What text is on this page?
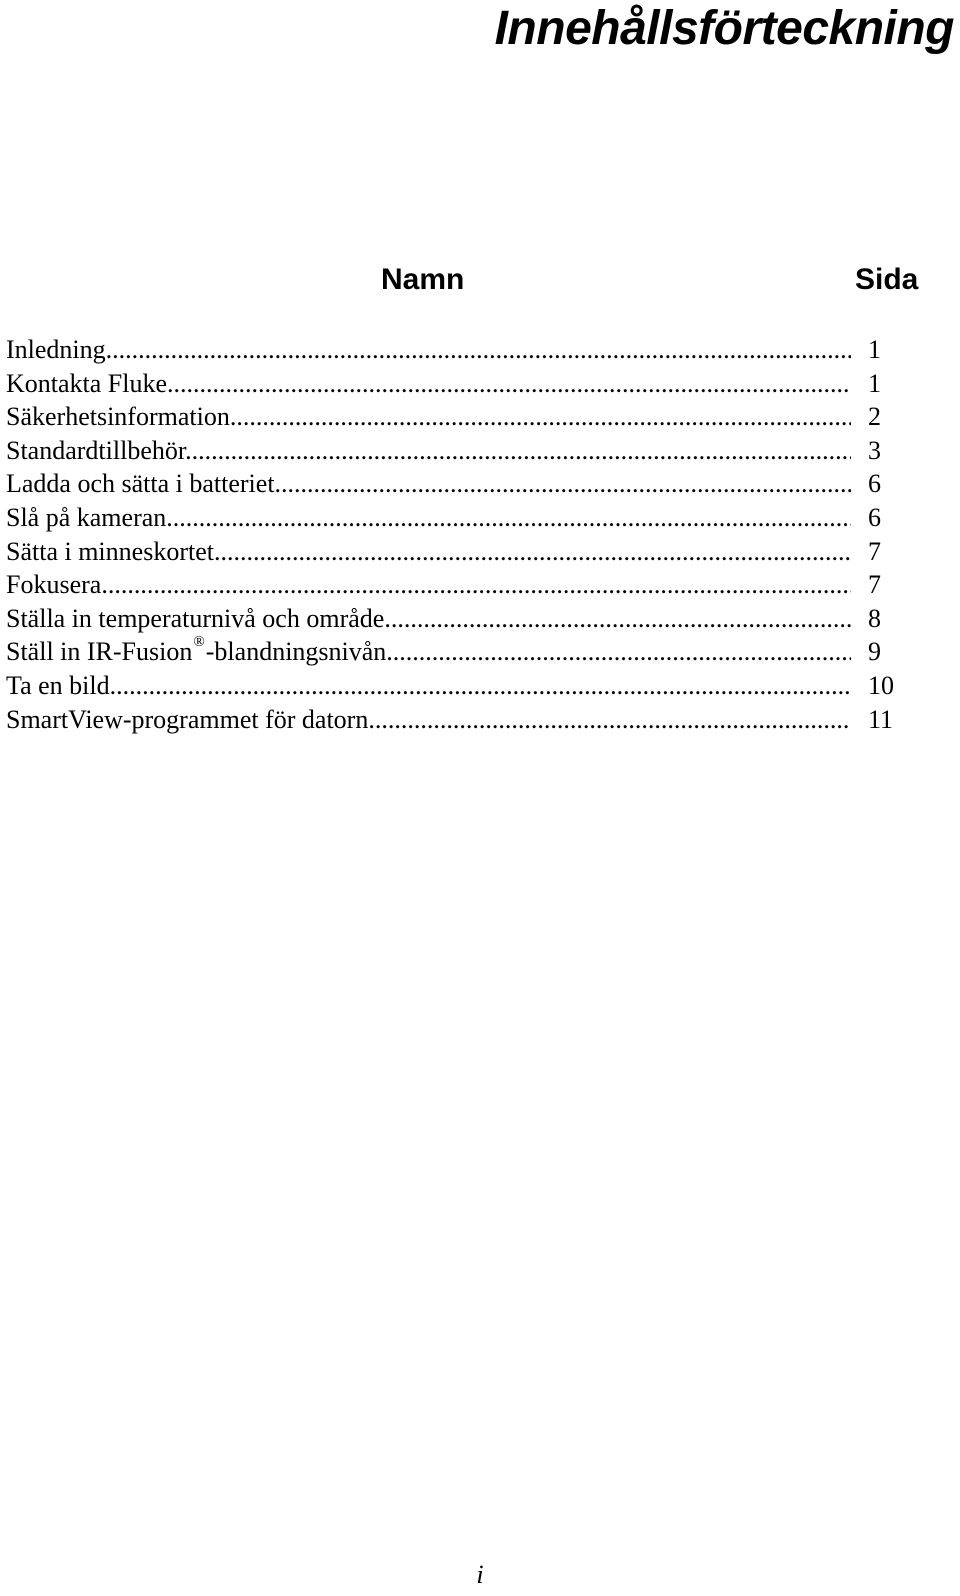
Innehållsförteckning
Namn	Sida
Inledning .....	1
Kontakta Fluke .....	1
Säkerhetsinformation .....	2
Standardtillbehör .....	3
Ladda och sätta i batteriet .....	6
Slå på kameran .....	6
Sätta i minneskortet .....	7
Fokusera .....	7
Ställa in temperaturnivå och område .....	8
Ställ in IR-Fusion®-blandningsnivån .....	9
Ta en bild .....	10
SmartView-programmet för datorn .....	11
i
